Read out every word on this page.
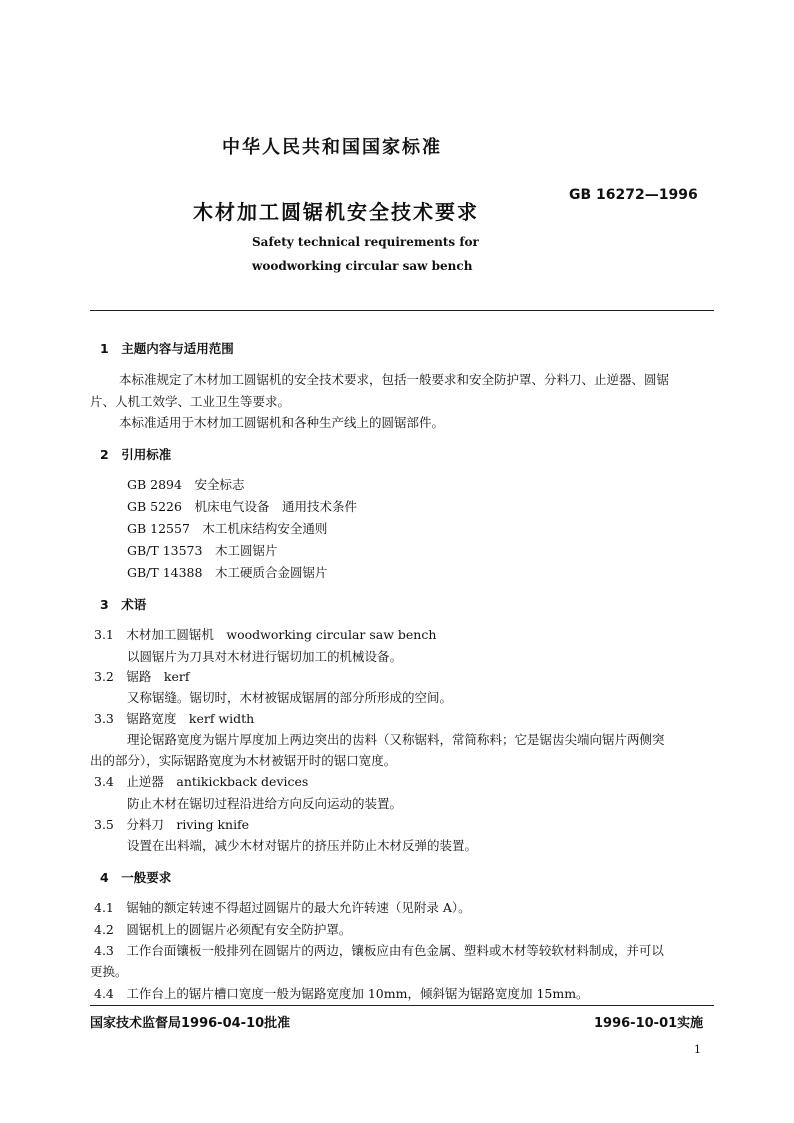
中华人民共和国国家标准
木材加工圆锯机安全技术要求
GB 16272—1996
Safety technical requirements for
woodworking circular saw bench
1　主题内容与适用范围
本标准规定了木材加工圆锯机的安全技术要求，包括一般要求和安全防护罩、分料刀、止逆器、圆锯
片、人机工效学、工业卫生等要求。
本标准适用于木材加工圆锯机和各种生产线上的圆锯部件。
2　引用标准
GB 2894　安全标志
GB 5226　机床电气设备　通用技术条件
GB 12557　木工机床结构安全通则
GB/T 13573　木工圆锯片
GB/T 14388　木工硬质合金圆锯片
3　术语
3.1　木材加工圆锯机　woodworking circular saw bench
以圆锯片为刀具对木材进行锯切加工的机械设备。
3.2　锯路　kerf
又称锯缝。锯切时，木材被锯成锯屑的部分所形成的空间。
3.3　锯路宽度　kerf width
理论锯路宽度为锯片厚度加上两边突出的齿料（又称锯料，常简称料；它是锯齿尖端向锯片两侧突
出的部分），实际锯路宽度为木材被锯开时的锯口宽度。
3.4　止逆器　antikickback devices
防止木材在锯切过程沿进给方向反向运动的装置。
3.5　分料刀　riving knife
设置在出料端，减少木材对锯片的挤压并防止木材反弹的装置。
4　一般要求
4.1　锯轴的额定转速不得超过圆锯片的最大允许转速（见附录 A）。
4.2　圆锯机上的圆锯片必须配有安全防护罩。
4.3　工作台面镶板一般排列在圆锯片的两边，镶板应由有色金属、塑料或木材等较软材料制成，并可以
更换。
4.4　工作台上的锯片槽口宽度一般为锯路宽度加 10mm，倾斜锯为锯路宽度加 15mm。
国家技术监督局1996-04-10批准	1996-10-01实施
1
